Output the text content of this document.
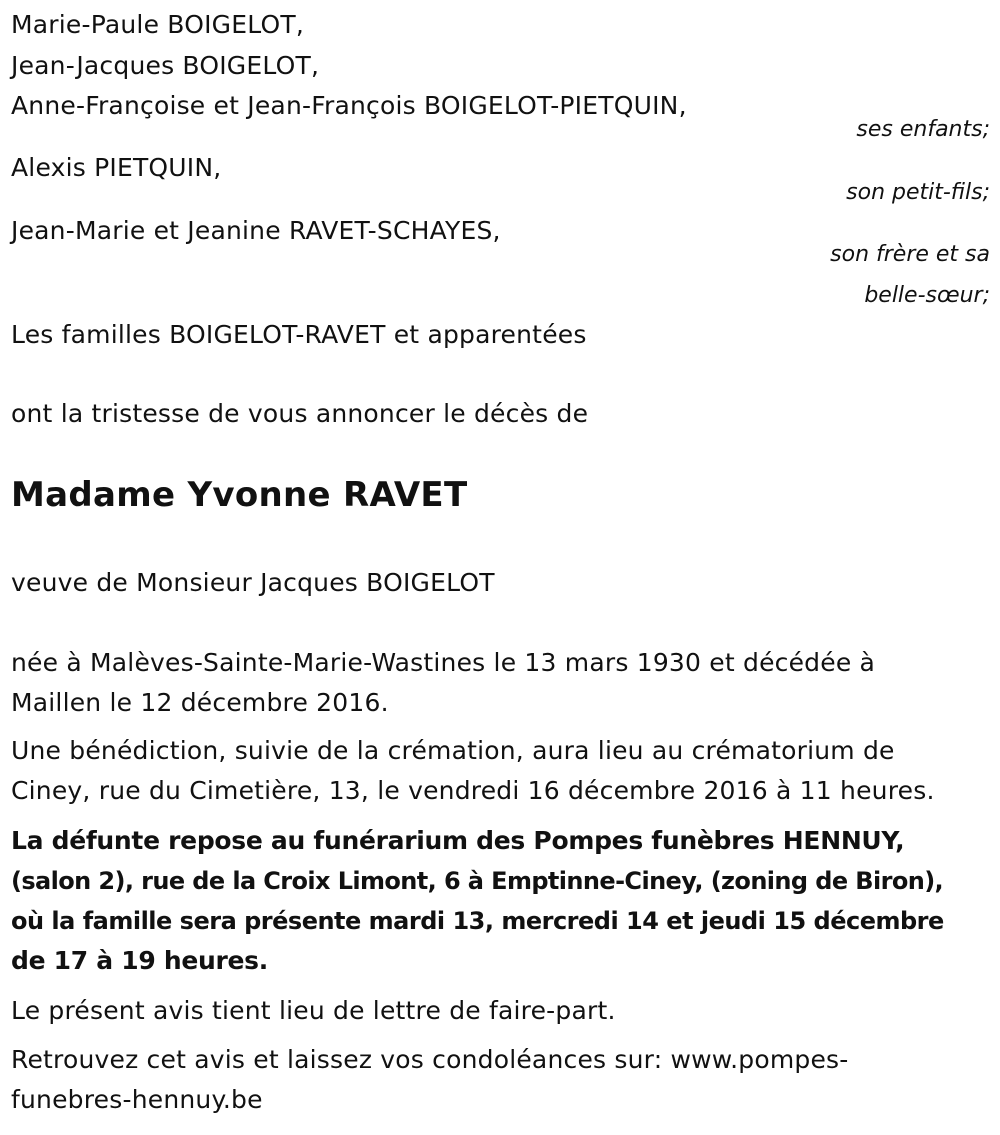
Marie-Paule BOIGELOT,
Jean-Jacques BOIGELOT,
Anne-Françoise et Jean-François BOIGELOT-PIETQUIN,
ses enfants;
Alexis PIETQUIN,
son petit-fils;
Jean-Marie et Jeanine RAVET-SCHAYES,
son frère et sa
belle-sœur;
Les familles BOIGELOT-RAVET et apparentées
ont la tristesse de vous annoncer le décès de
Madame Yvonne RAVET
veuve de Monsieur Jacques BOIGELOT
née à Malèves-Sainte-Marie-Wastines le 13 mars 1930 et décédée à
Maillen le 12 décembre 2016.
Une bénédiction, suivie de la crémation, aura lieu au crématorium de
Ciney, rue du Cimetière, 13, le vendredi 16 décembre 2016 à 11 heures.
La défunte repose au funérarium des Pompes funèbres HENNUY,
(salon 2), rue de la Croix Limont, 6 à Emptinne-Ciney, (zoning de Biron),
où la famille sera présente mardi 13, mercredi 14 et jeudi 15 décembre
de 17 à 19 heures.
Le présent avis tient lieu de lettre de faire-part.
Retrouvez cet avis et laissez vos condoléances sur: www.pompes-
funebres-hennuy.be
